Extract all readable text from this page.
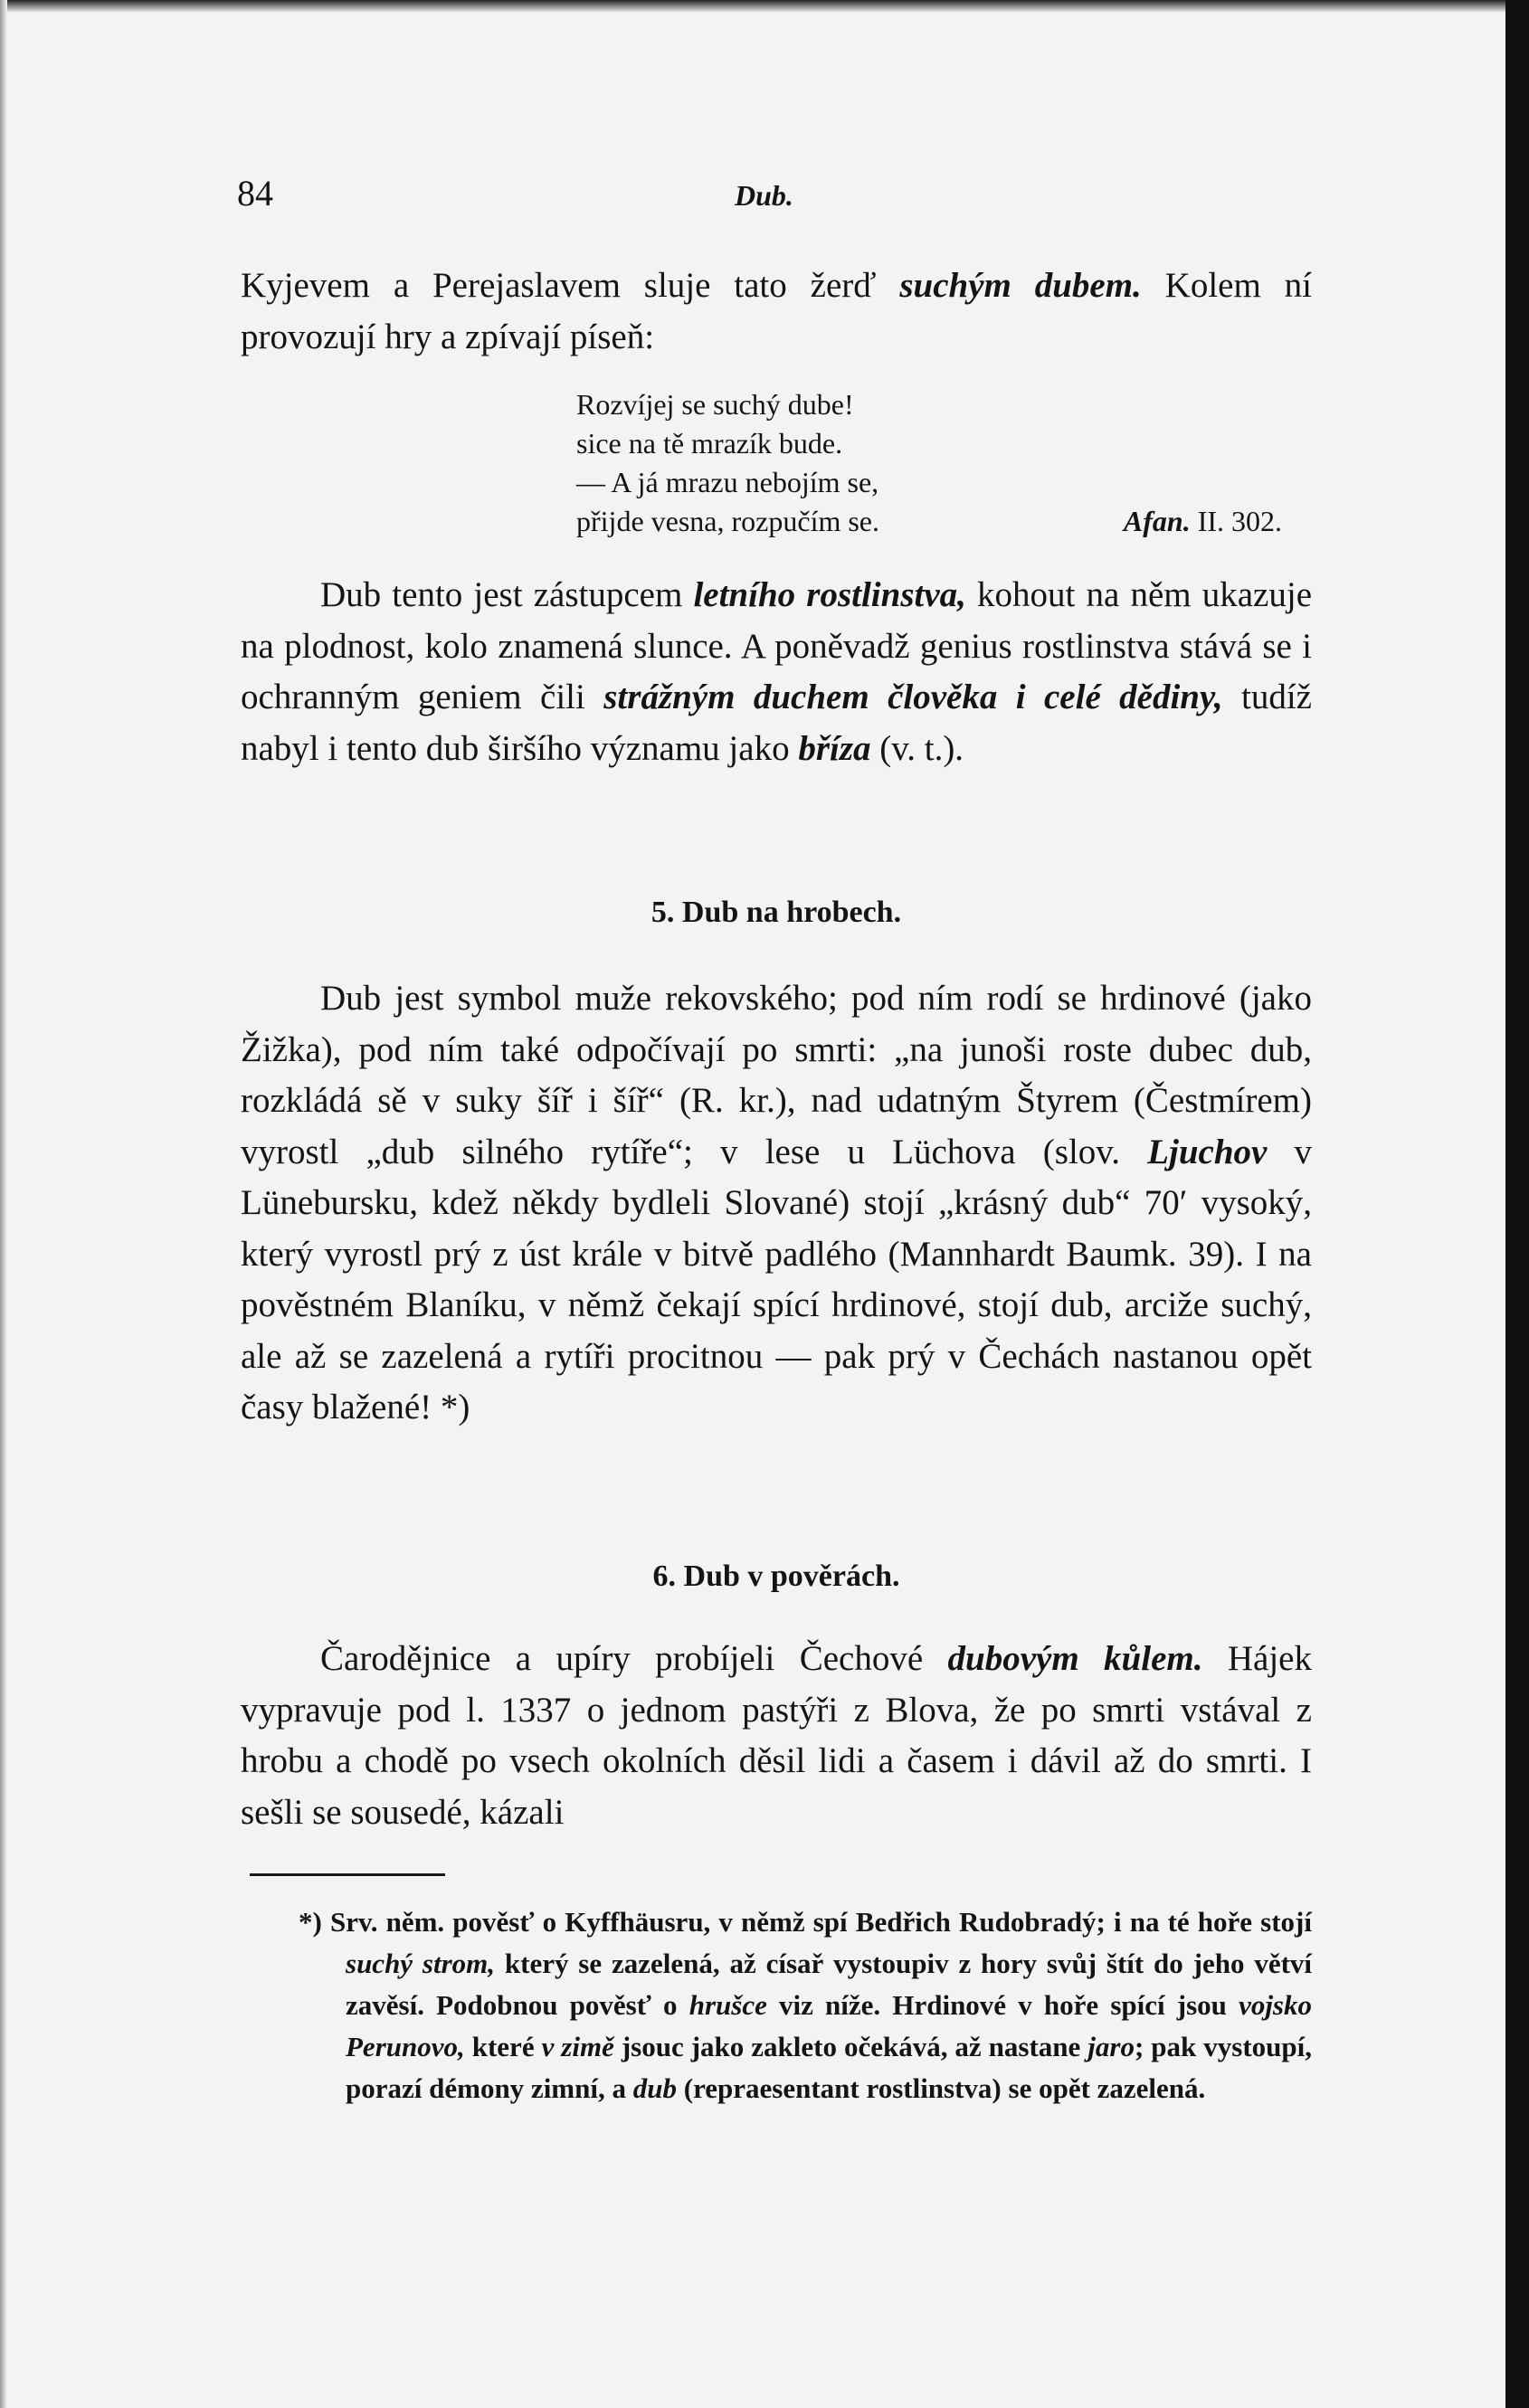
84	Dub.

Kyjevem a Perejaslavem sluje tato žerď suchým dubem. Kolem ní provozují hry a zpívají píseň:

Rozvíjej se suchý dube!
sice na tě mrazík bude.
— A já mrazu nebojím se,
přijde vesna, rozpučím se.	Afan. II. 302.

Dub tento jest zástupcem letního rostlinstva, kohout na něm ukazuje na plodnost, kolo znamená slunce. A poněvadž genius rostlinstva stává se i ochranným geniem čili strážným duchem člověka i celé dědiny, tudíž nabyl i tento dub širšího významu jako bříza (v. t.).

5. Dub na hrobech.

Dub jest symbol muže rekovského; pod ním rodí se hrdinové (jako Žižka), pod ním také odpočívají po smrti: „na junoši roste dubec dub, rozkládá sě v suky šíř i šíř“ (R. kr.), nad udatným Štyrem (Čestmírem) vyrostl „dub silného rytíře“; v lese u Lüchova (slov. Ljuchov v Lünebursku, kdež někdy bydleli Slované) stojí „krásný dub“ 70′ vysoký, který vyrostl prý z úst krále v bitvě padlého (Mannhardt Baumk. 39). I na pověstném Blaníku, v němž čekají spící hrdinové, stojí dub, arciže suchý, ale až se zazelená a rytíři procitnou — pak prý v Čechách nastanou opět časy blažené! *)

6. Dub v pověrách.

Čarodějnice a upíry probíjeli Čechové dubovým kůlem. Hájek vypravuje pod l. 1337 o jednom pastýři z Blova, že po smrti vstával z hrobu a chodě po vsech okolních děsil lidi a časem i dávil až do smrti. I sešli se sousedé, kázali

*) Srv. něm. pověsť o Kyffhäusru, v němž spí Bedřich Rudobradý; i na té hoře stojí suchý strom, který se zazelená, až císař vystoupiv z hory svůj štít do jeho větví zavěsí. Podobnou pověsť o hrušce viz níže. Hrdinové v hoře spící jsou vojsko Perunovo, které v zimě jsouc jako zakleto očekává, až nastane jaro; pak vystoupí, porazí démony zimní, a dub (repraesentant rostlinstva) se opět zazelená.
